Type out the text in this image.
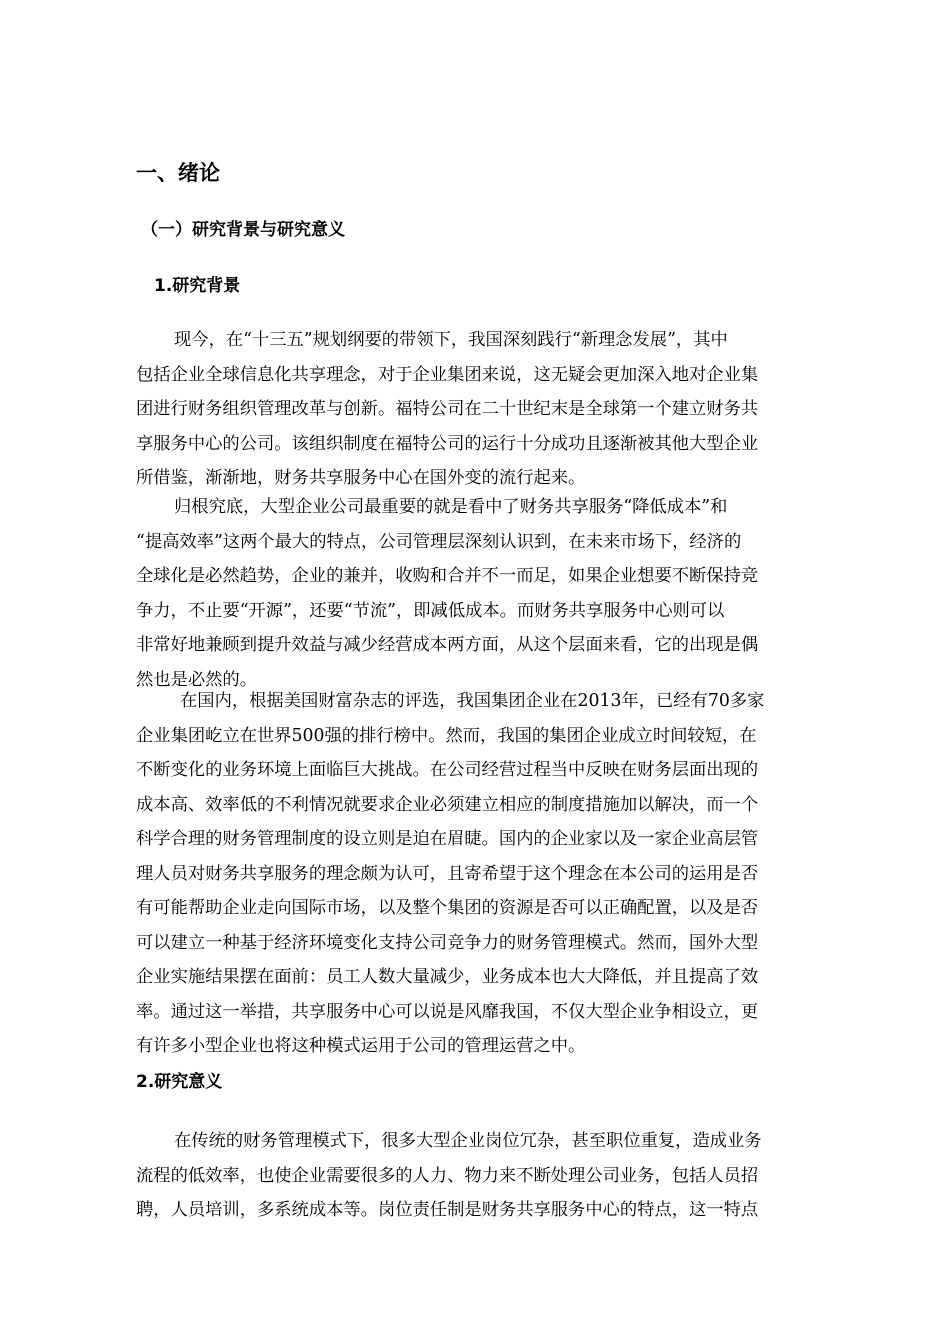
一、绪论
（一）研究背景与研究意义
1.研究背景
现今，在“十三五”规划纲要的带领下，我国深刻践行“新理念发展”，其中
包括企业全球信息化共享理念，对于企业集团来说，这无疑会更加深入地对企业集
团进行财务组织管理改革与创新。福特公司在二十世纪末是全球第一个建立财务共
享服务中心的公司。该组织制度在福特公司的运行十分成功且逐渐被其他大型企业
所借鉴，渐渐地，财务共享服务中心在国外变的流行起来。
归根究底，大型企业公司最重要的就是看中了财务共享服务“降低成本”和
“提高效率”这两个最大的特点，公司管理层深刻认识到，在未来市场下，经济的
全球化是必然趋势，企业的兼并，收购和合并不一而足，如果企业想要不断保持竞
争力，不止要“开源”，还要“节流”，即减低成本。而财务共享服务中心则可以
非常好地兼顾到提升效益与减少经营成本两方面，从这个层面来看，它的出现是偶
然也是必然的。
在国内，根据美国财富杂志的评选，我国集团企业在2013年，已经有70多家
企业集团屹立在世界500强的排行榜中。然而，我国的集团企业成立时间较短，在
不断变化的业务环境上面临巨大挑战。在公司经营过程当中反映在财务层面出现的
成本高、效率低的不利情况就要求企业必须建立相应的制度措施加以解决，而一个
科学合理的财务管理制度的设立则是迫在眉睫。国内的企业家以及一家企业高层管
理人员对财务共享服务的理念颇为认可，且寄希望于这个理念在本公司的运用是否
有可能帮助企业走向国际市场，以及整个集团的资源是否可以正确配置，以及是否
可以建立一种基于经济环境变化支持公司竞争力的财务管理模式。然而，国外大型
企业实施结果摆在面前：员工人数大量减少，业务成本也大大降低，并且提高了效
率。通过这一举措，共享服务中心可以说是风靡我国，不仅大型企业争相设立，更
有许多小型企业也将这种模式运用于公司的管理运营之中。
2.研究意义
在传统的财务管理模式下，很多大型企业岗位冗杂，甚至职位重复，造成业务
流程的低效率，也使企业需要很多的人力、物力来不断处理公司业务，包括人员招
聘，人员培训，多系统成本等。岗位责任制是财务共享服务中心的特点，这一特点
